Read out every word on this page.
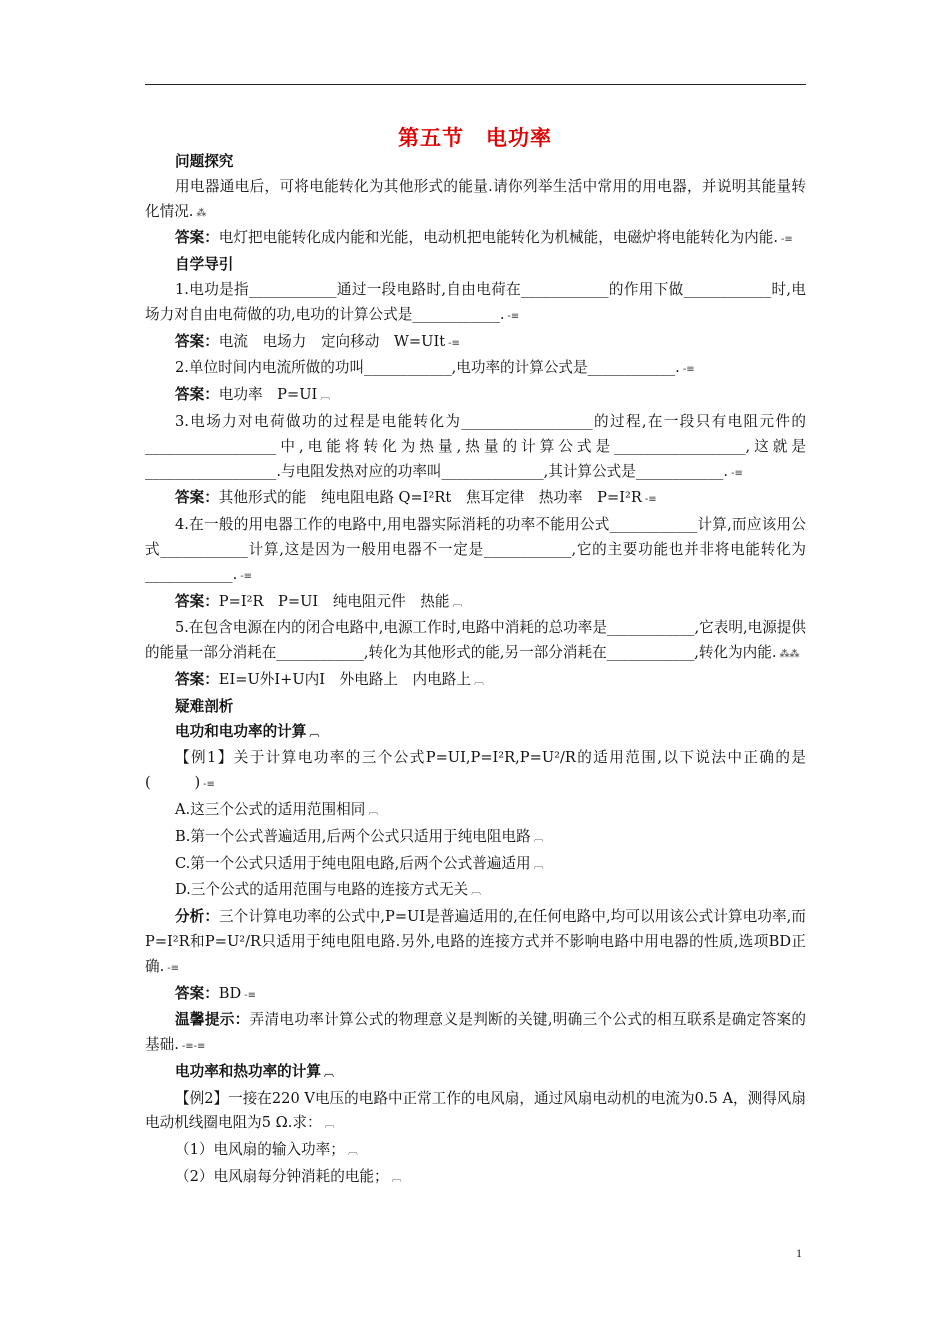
第五节　电功率

问题探究

用电器通电后，可将电能转化为其他形式的能量.请你列举生活中常用的用电器，并说明其能量转化情况. ⁂

答案：电灯把电能转化成内能和光能，电动机把电能转化为机械能，电磁炉将电能转化为内能. -≡

自学导引

1.电功是指____________通过一段电路时,自由电荷在____________的作用下做____________时,电场力对自由电荷做的功,电功的计算公式是____________. -≡

答案：电流　电场力　定向移动　W=UIt -≡

2.单位时间内电流所做的功叫____________,电功率的计算公式是____________. -≡

答案：电功率　P=UI ︹

3.电场力对电荷做功的过程是电能转化为__________________的过程,在一段只有电阻元件的__________________中,电能将转化为热量,热量的计算公式是__________________,这就是__________________.与电阻发热对应的功率叫______________,其计算公式是____________. -≡

答案：其他形式的能　纯电阻电路 Q=I²Rt　焦耳定律　热功率　P=I²R -≡

4.在一般的用电器工作的电路中,用电器实际消耗的功率不能用公式____________计算,而应该用公式____________计算,这是因为一般用电器不一定是____________,它的主要功能也并非将电能转化为____________. -≡

答案：P=I²R　P=UI　纯电阻元件　热能 ︹

5.在包含电源在内的闭合电路中,电源工作时,电路中消耗的总功率是____________,它表明,电源提供的能量一部分消耗在____________,转化为其他形式的能,另一部分消耗在____________,转化为内能. ⁂⁂

答案：EI=U外I+U内I　外电路上　内电路上 ︹

疑难剖析

电功和电功率的计算 ︹

【例1】关于计算电功率的三个公式P=UI,P=I²R,P=U²/R的适用范围,以下说法中正确的是(　　　) -≡

A.这三个公式的适用范围相同 ︹

B.第一个公式普遍适用,后两个公式只适用于纯电阻电路 ︹

C.第一个公式只适用于纯电阻电路,后两个公式普遍适用 ︹

D.三个公式的适用范围与电路的连接方式无关 ︹

分析：三个计算电功率的公式中,P=UI是普遍适用的,在任何电路中,均可以用该公式计算电功率,而P=I²R和P=U²/R只适用于纯电阻电路.另外,电路的连接方式并不影响电路中用电器的性质,选项BD正确. -≡

答案：BD -≡

温馨提示：弄清电功率计算公式的物理意义是判断的关键,明确三个公式的相互联系是确定答案的基础. -≡-≡

电功率和热功率的计算 ︹

【例2】一接在220 V电压的电路中正常工作的电风扇，通过风扇电动机的电流为0.5 A，测得风扇电动机线圈电阻为5 Ω.求： ︹

（1）电风扇的输入功率； ︹

（2）电风扇每分钟消耗的电能； ︹

1
